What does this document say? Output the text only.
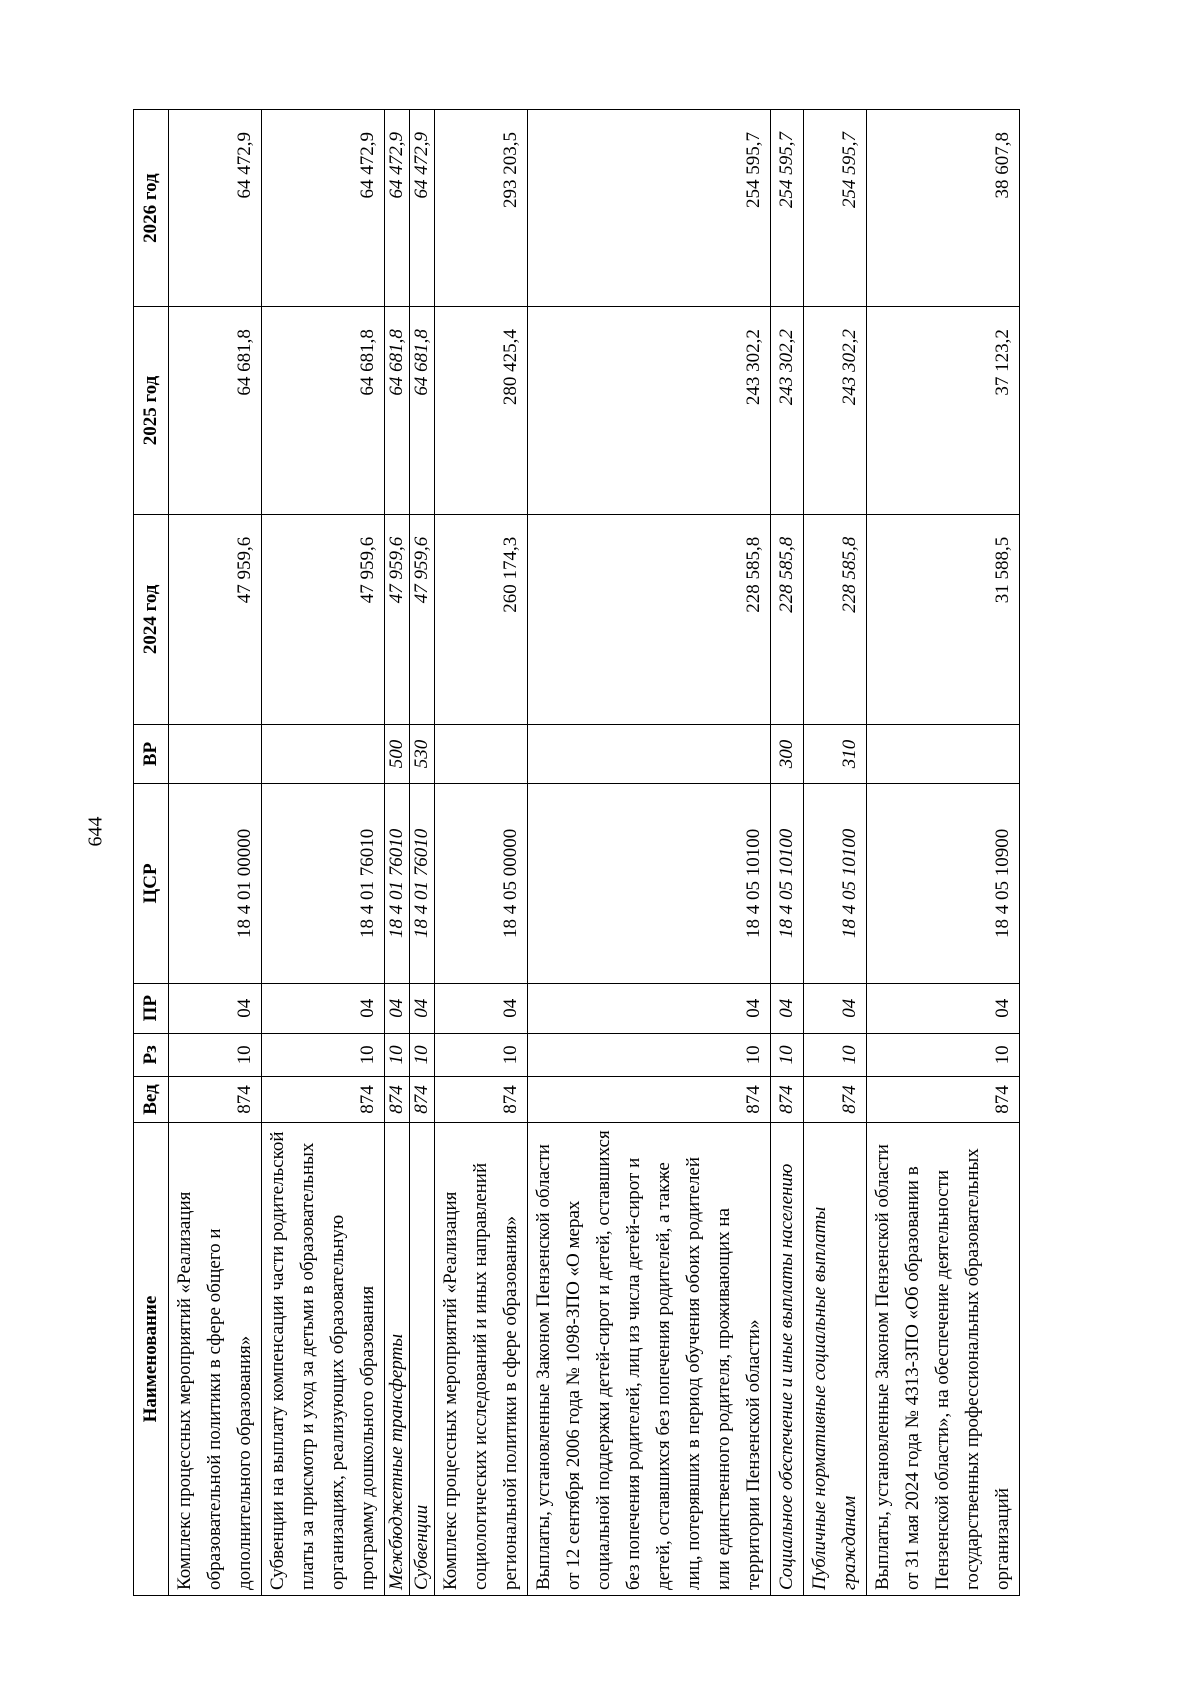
644
Наименование	Вед	Рз	ПР	ЦСР	ВР	2024 год	2025 год	2026 год
Комплекс процессных мероприятий «Реализация образовательной политики в сфере общего и дополнительного образования»	874	10	04	18 4 01 00000		47 959,6	64 681,8	64 472,9
Субвенции на выплату компенсации части родительской платы за присмотр и уход за детьми в образовательных организациях, реализующих образовательную программу дошкольного образования	874	10	04	18 4 01 76010		47 959,6	64 681,8	64 472,9
Межбюджетные трансферты	874	10	04	18 4 01 76010	500	47 959,6	64 681,8	64 472,9
Субвенции	874	10	04	18 4 01 76010	530	47 959,6	64 681,8	64 472,9
Комплекс процессных мероприятий «Реализация социологических исследований и иных направлений региональной политики в сфере образования»	874	10	04	18 4 05 00000		260 174,3	280 425,4	293 203,5
Выплаты, установленные Законом Пензенской области от 12 сентября 2006 года № 1098-ЗПО «О мерах социальной поддержки детей-сирот и детей, оставшихся без попечения родителей, лиц из числа детей-сирот и детей, оставшихся без попечения родителей, а также лиц, потерявших в период обучения обоих родителей или единственного родителя, проживающих на территории Пензенской области»	874	10	04	18 4 05 10100		228 585,8	243 302,2	254 595,7
Социальное обеспечение и иные выплаты населению	874	10	04	18 4 05 10100	300	228 585,8	243 302,2	254 595,7
Публичные нормативные социальные выплаты гражданам	874	10	04	18 4 05 10100	310	228 585,8	243 302,2	254 595,7
Выплаты, установленные Законом Пензенской области от 31 мая 2024 года № 4313-ЗПО «Об образовании в Пензенской области», на обеспечение деятельности государственных профессиональных образовательных организаций	874	10	04	18 4 05 10900		31 588,5	37 123,2	38 607,8
